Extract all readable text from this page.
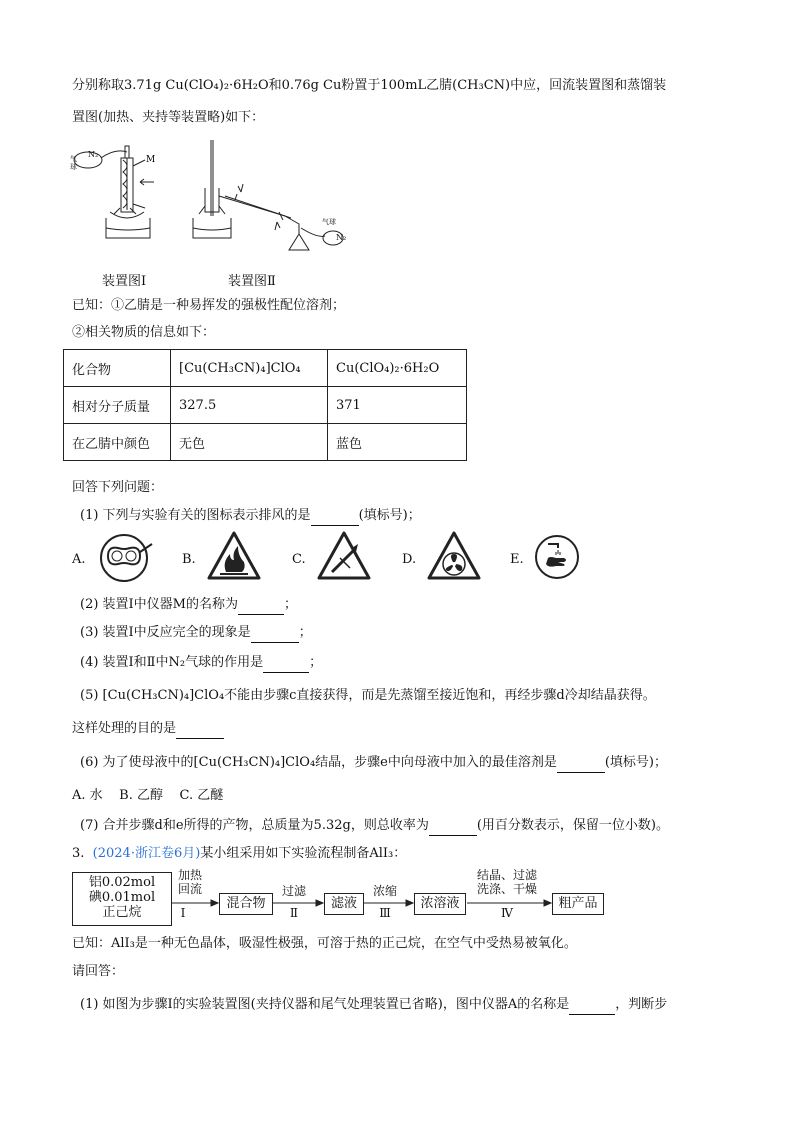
分别称取3.71g Cu(ClO₄)₂·6H₂O和0.76g Cu粉置于100mL乙腈(CH₃CN)中应，回流装置图和蒸馏装
置图(加热、夹持等装置略)如下：
M
N₂
气球
N₂
气球
装置图Ⅰ	装置图Ⅱ
已知：①乙腈是一种易挥发的强极性配位溶剂；
②相关物质的信息如下：
化合物	[Cu(CH₃CN)₄]ClO₄	Cu(ClO₄)₂·6H₂O
相对分子质量	327.5	371
在乙腈中颜色	无色	蓝色
回答下列问题：
(1) 下列与实验有关的图标表示排风的是	(填标号)；
A.	B.	C.	D.	E.
(2) 装置Ⅰ中仪器M的名称为	；
(3) 装置Ⅰ中反应完全的现象是	；
(4) 装置Ⅰ和Ⅱ中N₂气球的作用是	；
(5) [Cu(CH₃CN)₄]ClO₄不能由步骤c直接获得，而是先蒸馏至接近饱和，再经步骤d冷却结晶获得。
这样处理的目的是
(6) 为了使母液中的[Cu(CH₃CN)₄]ClO₄结晶，步骤e中向母液中加入的最佳溶剂是	(填标号)；
A. 水    B. 乙醇    C. 乙醚
(7) 合并步骤d和e所得的产物，总质量为5.32g，则总收率为	(用百分数表示，保留一位小数)。
3. (2024·浙江卷6月)某小组采用如下实验流程制备AlI₃：
铝0.02mol
碘0.01mol
正己烷
加热
回流
Ⅰ
混合物
过滤
Ⅱ
滤液
浓缩
Ⅲ
浓溶液
结晶、过滤
洗涤、干燥
Ⅳ
粗产品
已知：AlI₃是一种无色晶体，吸湿性极强，可溶于热的正己烷，在空气中受热易被氧化。
请回答：
(1) 如图为步骤Ⅰ的实验装置图(夹持仪器和尾气处理装置已省略)，图中仪器A的名称是	，判断步
